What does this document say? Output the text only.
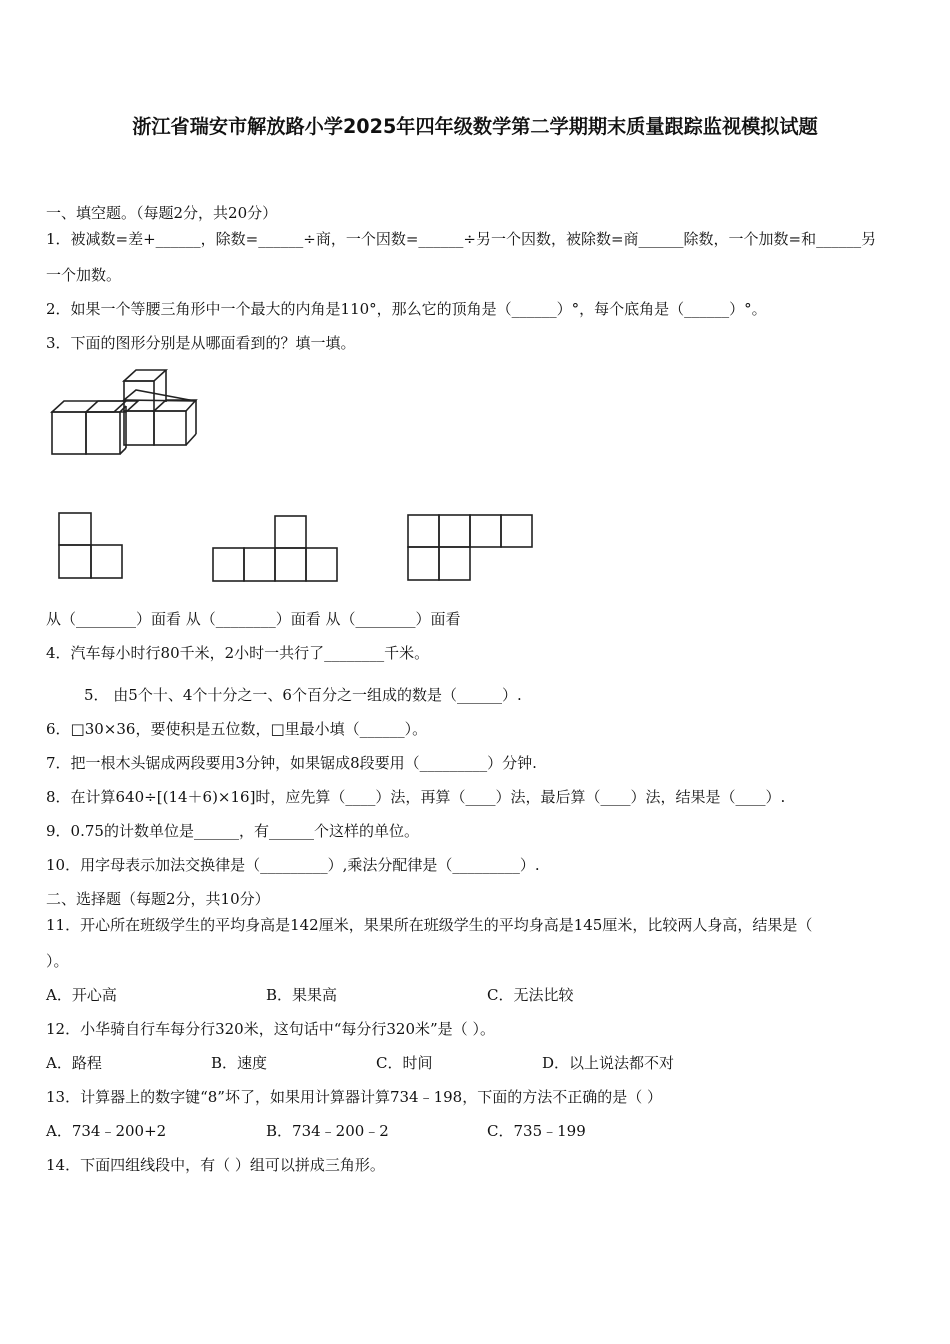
浙江省瑞安市解放路小学2025年四年级数学第二学期期末质量跟踪监视模拟试题
一、填空题。（每题2分，共20分）
1．被减数=差+______，除数=______÷商，一个因数=______÷另一个因数，被除数=商______除数，一个加数=和______另
一个加数。
2．如果一个等腰三角形中一个最大的内角是110°，那么它的顶角是（______）°，每个底角是（______）°。
3．下面的图形分别是从哪面看到的？填一填。
从（________）面看 从（________）面看 从（________）面看
4．汽车每小时行80千米，2小时一共行了________千米。
5． 由5个十、4个十分之一、6个百分之一组成的数是（______）.
6．□30×36，要使积是五位数，□里最小填（______）。
7．把一根木头锯成两段要用3分钟，如果锯成8段要用（_________）分钟.
8．在计算640÷[(14＋6)×16]时，应先算（____）法，再算（____）法，最后算（____）法，结果是（____）.
9．0.75的计数单位是______，有______个这样的单位。
10．用字母表示加法交换律是（_________）,乘法分配律是（_________）.
二、选择题（每题2分，共10分）
11．开心所在班级学生的平均身高是142厘米，果果所在班级学生的平均身高是145厘米，比较两人身高，结果是（
）。
A．开心高	B．果果高	C．无法比较
12．小华骑自行车每分行320米，这句话中“每分行320米”是（ ）。
A．路程	B．速度	C．时间	D．以上说法都不对
13．计算器上的数字键“8”坏了，如果用计算器计算734﹣198，下面的方法不正确的是（ ）
A．734﹣200+2	B．734﹣200﹣2	C．735﹣199
14．下面四组线段中，有（ ）组可以拼成三角形。
